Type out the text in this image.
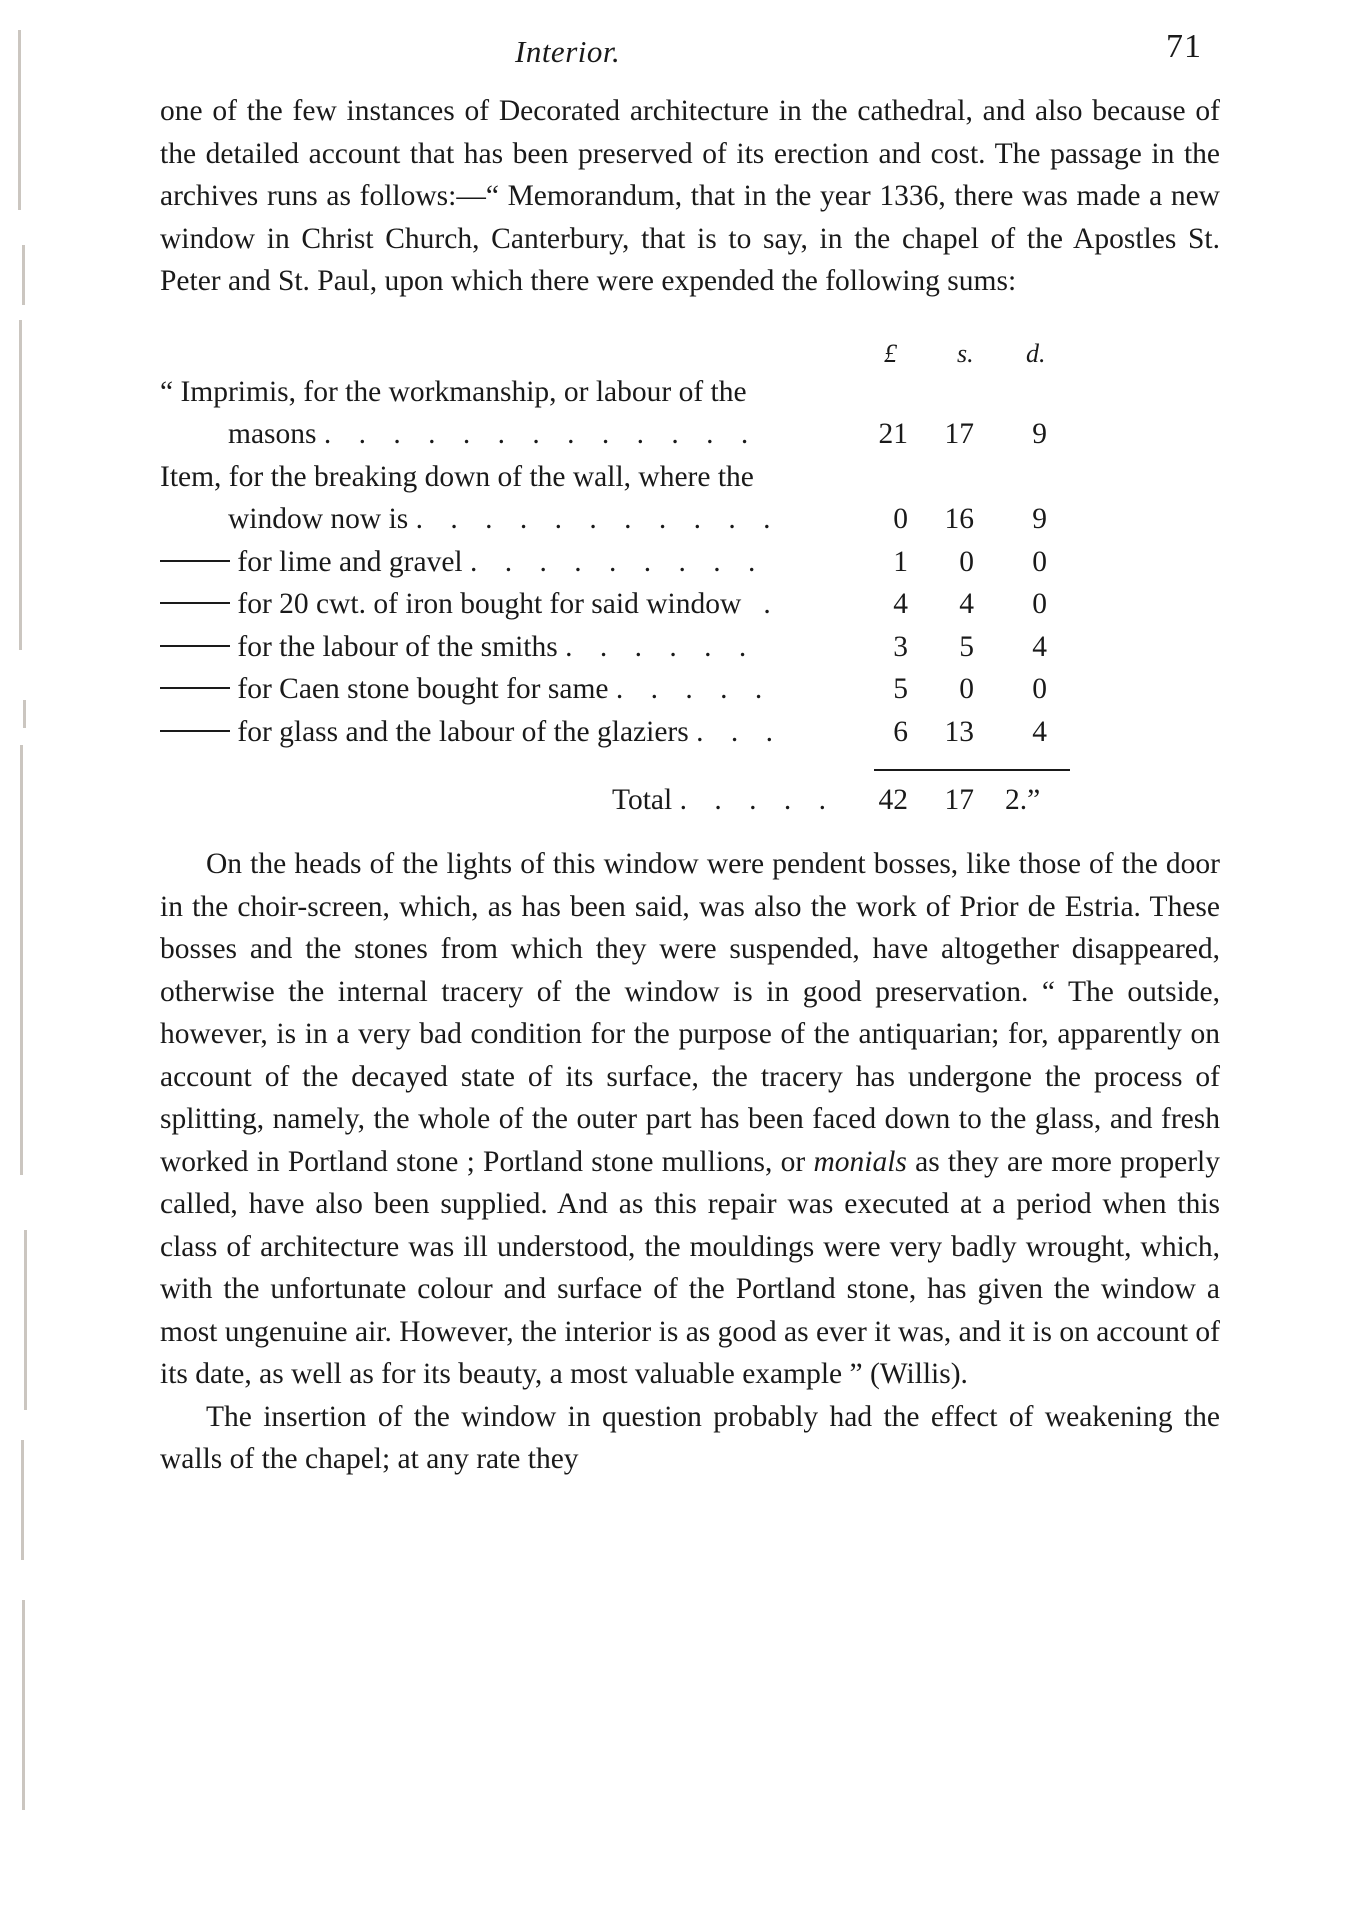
Interior.	71

one of the few instances of Decorated architecture in the cathedral, and also because of the detailed account that has been preserved of its erection and cost. The passage in the archives runs as follows:—“ Memorandum, that in the year 1336, there was made a new window in Christ Church, Canterbury, that is to say, in the chapel of the Apostles St. Peter and St. Paul, upon which there were expended the following sums:

£ s. d.
“ Imprimis, for the workmanship, or labour of the
masons . . . . . . . . . . . . .	21	17	9
Item, for the breaking down of the wall, where the
window now is . . . . . . . . . . .	0	16	9
for lime and gravel . . . . . . . . .	1	0	0
for 20 cwt. of iron bought for said window .	4	4	0
for the labour of the smiths . . . . . .	3	5	4
for Caen stone bought for same . . . . .	5	0	0
for glass and the labour of the glaziers . . .	6	13	4
Total . . . . .	42	17 2.”

On the heads of the lights of this window were pendent bosses, like those of the door in the choir-screen, which, as has been said, was also the work of Prior de Estria. These bosses and the stones from which they were suspended, have altogether disappeared, otherwise the internal tracery of the window is in good preservation. “ The outside, however, is in a very bad condition for the purpose of the antiquarian; for, apparently on account of the decayed state of its surface, the tracery has undergone the process of splitting, namely, the whole of the outer part has been faced down to the glass, and fresh worked in Portland stone ; Portland stone mullions, or monials as they are more properly called, have also been supplied. And as this repair was executed at a period when this class of architecture was ill understood, the mouldings were very badly wrought, which, with the unfortunate colour and surface of the Portland stone, has given the window a most ungenuine air. However, the interior is as good as ever it was, and it is on account of its date, as well as for its beauty, a most valuable example ” (Willis).

The insertion of the window in question probably had the effect of weakening the walls of the chapel; at any rate they
